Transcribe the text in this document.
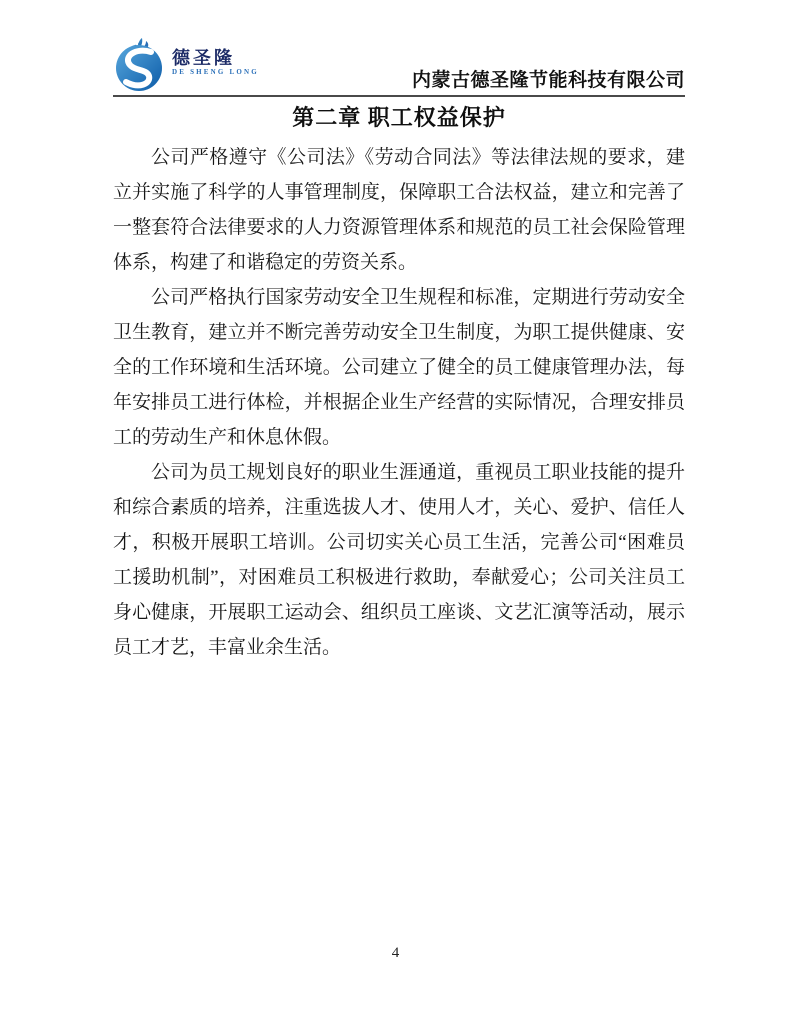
德圣隆
DE SHENG LONG	内蒙古德圣隆节能科技有限公司
第二章 职工权益保护

公司严格遵守《公司法》《劳动合同法》等法律法规的要求，建立并实施了科学的人事管理制度，保障职工合法权益，建立和完善了一整套符合法律要求的人力资源管理体系和规范的员工社会保险管理体系，构建了和谐稳定的劳资关系。

公司严格执行国家劳动安全卫生规程和标准，定期进行劳动安全卫生教育，建立并不断完善劳动安全卫生制度，为职工提供健康、安全的工作环境和生活环境。公司建立了健全的员工健康管理办法，每年安排员工进行体检，并根据企业生产经营的实际情况，合理安排员工的劳动生产和休息休假。

公司为员工规划良好的职业生涯通道，重视员工职业技能的提升和综合素质的培养，注重选拔人才、使用人才，关心、爱护、信任人才，积极开展职工培训。公司切实关心员工生活，完善公司“困难员工援助机制”，对困难员工积极进行救助，奉献爱心；公司关注员工身心健康，开展职工运动会、组织员工座谈、文艺汇演等活动，展示员工才艺，丰富业余生活。

4
